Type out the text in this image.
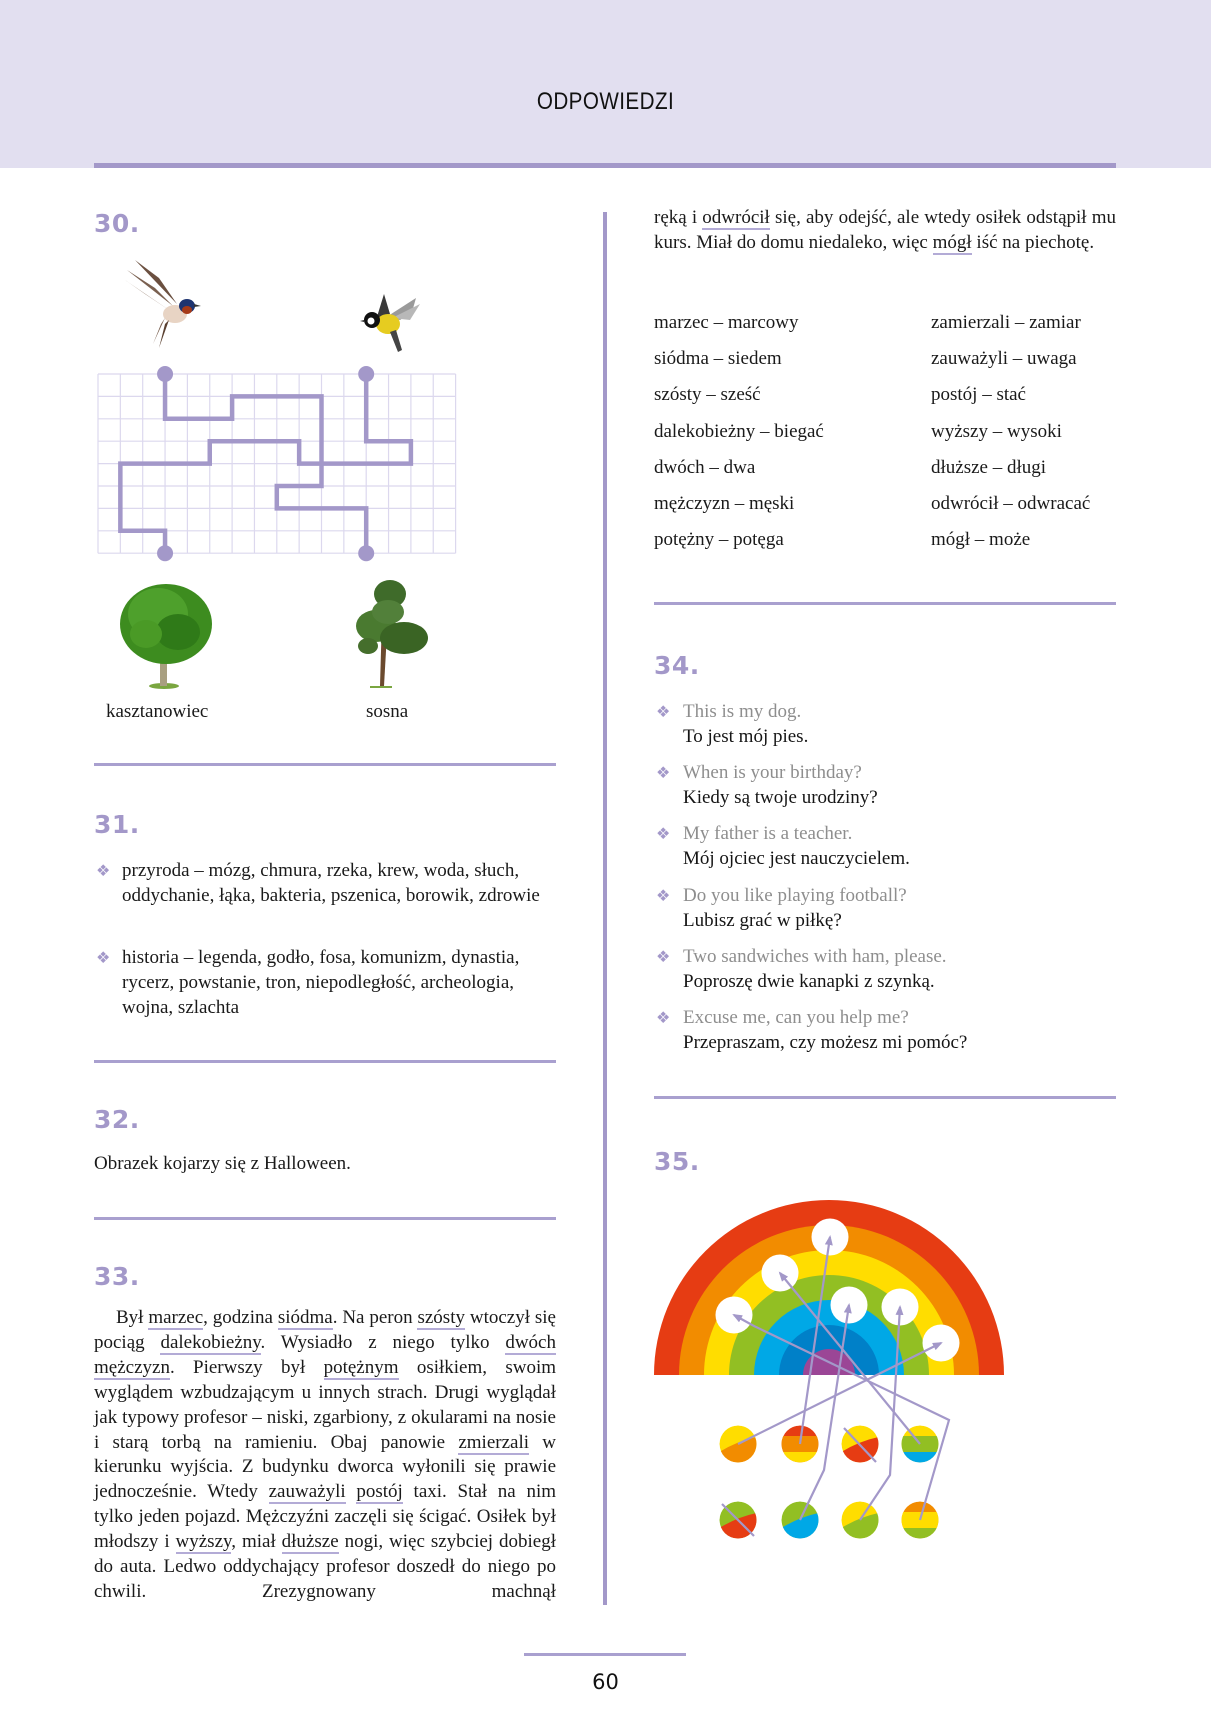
ODPOWIEDZI
30.
kasztanowiec	sosna
31.
❖ przyroda – mózg, chmura, rzeka, krew, woda, słuch, oddychanie, łąka, bakteria, pszenica, borowik, zdrowie
❖ historia – legenda, godło, fosa, komunizm, dynastia, rycerz, powstanie, tron, niepodległość, archeologia, wojna, szlachta
32.
Obrazek kojarzy się z Halloween.
33.
Był marzec, godzina siódma. Na peron szósty wtoczył się pociąg dalekobieżny. Wysiadło z niego tylko dwóch mężczyzn. Pierwszy był potężnym osiłkiem, swoim wyglądem wzbudzającym u innych strach. Drugi wyglądał jak typowy profesor – niski, zgarbiony, z okularami na nosie i starą torbą na ramieniu. Obaj panowie zmierzali w kierunku wyjścia. Z budynku dworca wyłonili się prawie jednocześnie. Wtedy zauważyli postój taxi. Stał na nim tylko jeden pojazd. Mężczyźni zaczęli się ścigać. Osiłek był młodszy i wyższy, miał dłuższe nogi, więc szybciej dobiegł do auta. Ledwo oddychający profesor doszedł do niego po chwili. Zrezygnowany machnął
ręką i odwrócił się, aby odejść, ale wtedy osiłek odstąpił mu kurs. Miał do domu niedaleko, więc mógł iść na piechotę.
marzec – marcowy
siódma – siedem
szósty – sześć
dalekobieżny – biegać
dwóch – dwa
mężczyzn – męski
potężny – potęga
zamierzali – zamiar
zauważyli – uwaga
postój – stać
wyższy – wysoki
dłuższe – długi
odwrócił – odwracać
mógł – może
34.
❖ This is my dog.
To jest mój pies.
❖ When is your birthday?
Kiedy są twoje urodziny?
❖ My father is a teacher.
Mój ojciec jest nauczycielem.
❖ Do you like playing football?
Lubisz grać w piłkę?
❖ Two sandwiches with ham, please.
Poproszę dwie kanapki z szynką.
❖ Excuse me, can you help me?
Przepraszam, czy możesz mi pomóc?
35.
60
